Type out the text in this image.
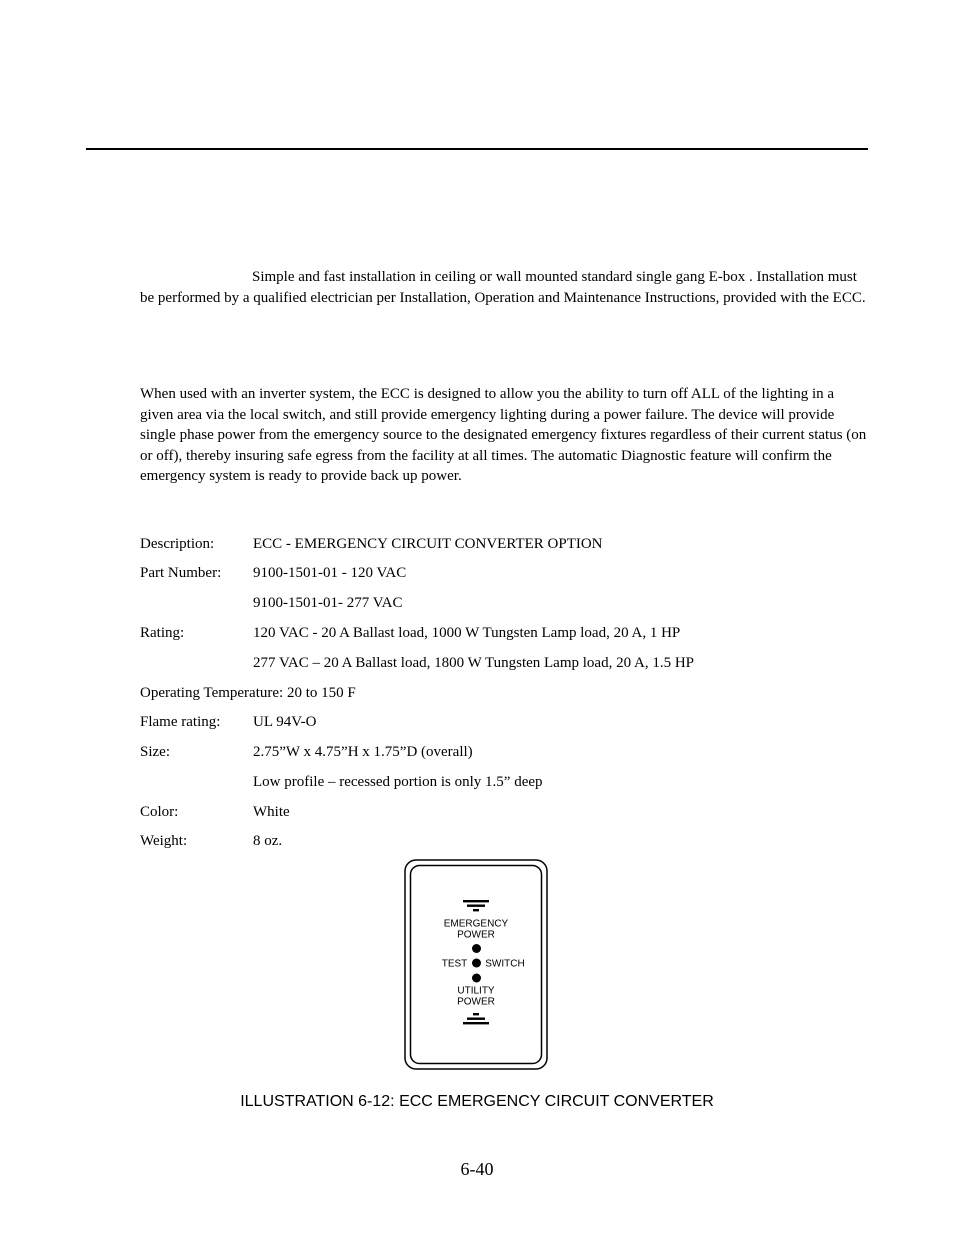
Simple and fast installation in ceiling or wall mounted standard single gang E-box . Installation must be performed by a qualified electrician per Installation, Operation and Maintenance Instructions, provided with the ECC.

When used with an inverter system, the ECC is designed to allow you the ability to turn off ALL of the lighting in a given area via the local switch, and still provide emergency lighting during a power failure. The device will provide single phase power from the emergency source to the designated emergency fixtures regardless of their current status (on or off), thereby insuring safe egress from the facility at all times. The automatic Diagnostic feature will confirm the emergency system is ready to provide back up power.

Description:	ECC - EMERGENCY CIRCUIT CONVERTER OPTION
Part Number: 9100-1501-01 - 120 VAC
9100-1501-01- 277 VAC
Rating:	120 VAC - 20 A Ballast load, 1000 W Tungsten Lamp load, 20 A, 1 HP
277 VAC – 20 A Ballast load, 1800 W Tungsten Lamp load, 20 A, 1.5 HP
Operating Temperature: 20 to 150 F
Flame rating: UL 94V-O
Size:	2.75”W x 4.75”H x 1.75”D (overall)
Low profile – recessed portion is only 1.5” deep
Color:	White
Weight:	8 oz.
EMERGENCY
POWER
TEST SWITCH
UTILITY
POWER
ILLUSTRATION 6-12: ECC EMERGENCY CIRCUIT CONVERTER
6-40
